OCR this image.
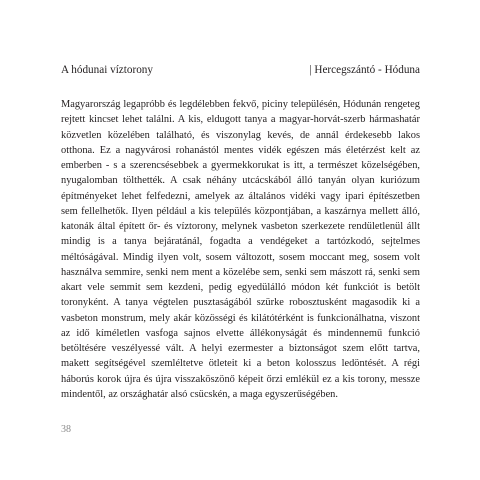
A hódunai víztorony	| Hercegszántó - Hóduna

Magyarország legapróbb és legdélebben fekvő, piciny településén, Hódunán rengeteg rejtett kincset lehet találni. A kis, eldugott tanya a magyar-horvát-szerb hármashatár közvetlen közelében található, és viszonylag kevés, de annál érdekesebb lakos otthona. Ez a nagyvárosi rohanástól mentes vidék egészen más életérzést kelt az emberben - s a szerencsésebbek a gyermekkorukat is itt, a természet közelségében, nyugalomban tölthették. A csak néhány utcácskából álló tanyán olyan kuriózum építményeket lehet felfedezni, amelyek az általános vidéki vagy ipari építészetben sem fellelhetők. Ilyen például a kis település központjában, a kaszárnya mellett álló, katonák által épített őr- és víztorony, melynek vasbeton szerkezete rendületlenül állt mindig is a tanya bejáratánál, fogadta a vendégeket a tartózkodó, sejtelmes méltóságával. Mindig ilyen volt, sosem változott, sosem moccant meg, sosem volt használva semmire, senki nem ment a közelébe sem, senki sem mászott rá, senki sem akart vele semmit sem kezdeni, pedig egyedülálló módon két funkciót is betölt toronyként. A tanya végtelen pusztaságából szürke robosztusként magasodik ki a vasbeton monstrum, mely akár közösségi és kilátótérként is funkcionálhatna, viszont az idő kíméletlen vasfoga sajnos elvette állékonyságát és mindennemű funkció betöltésére veszélyessé vált. A helyi ezermester a biztonságot szem előtt tartva, makett segítségével szemléltetve ötleteit ki a beton kolosszus ledöntését. A régi háborús korok újra és újra visszaköszönő képeit őrzi emlékül ez a kis torony, messze mindentől, az országhatár alsó csücskén, a maga egyszerűségében.

38
